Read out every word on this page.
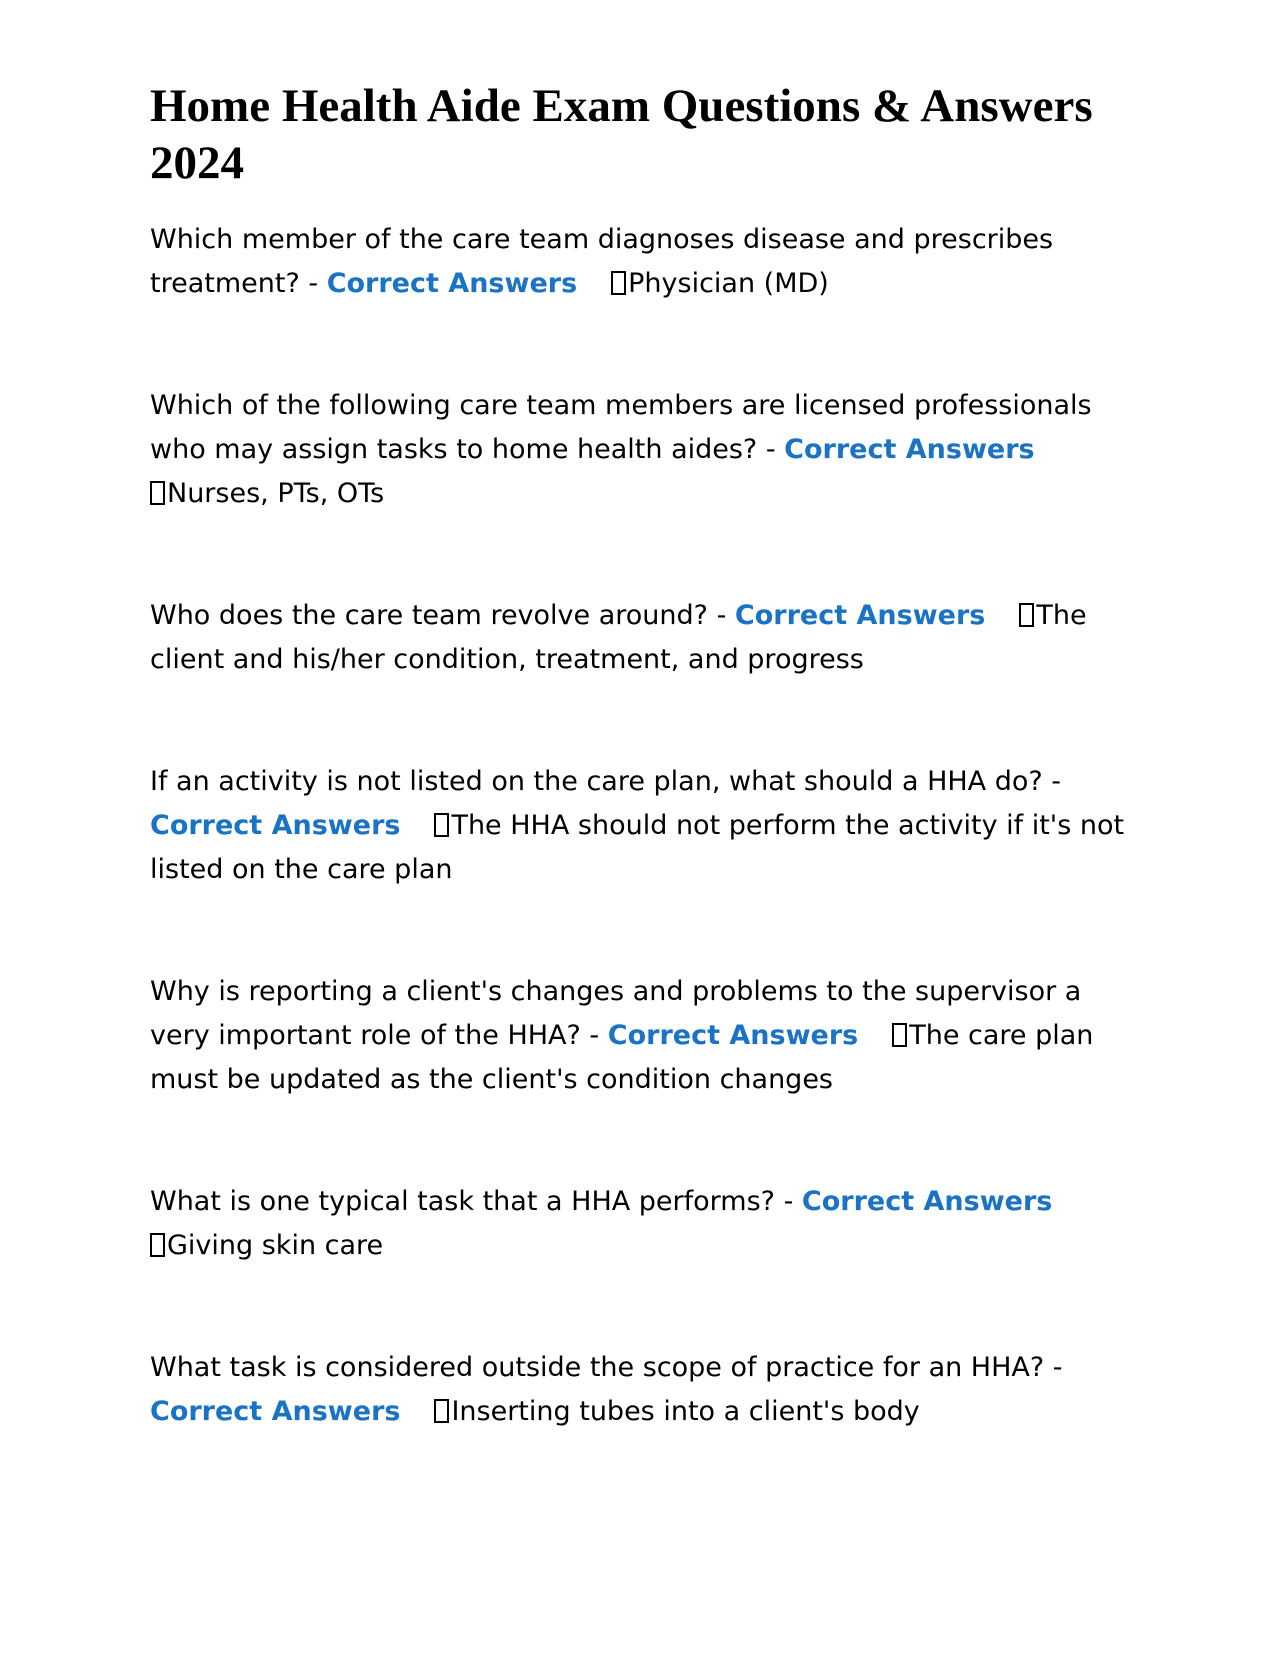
Home Health Aide Exam Questions & Answers 2024
Which member of the care team diagnoses disease and prescribes treatment? - Correct Answers Physician (MD)
Which of the following care team members are licensed professionals who may assign tasks to home health aides? - Correct Answers
Nurses, PTs, OTs
Who does the care team revolve around? - Correct Answers The client and his/her condition, treatment, and progress
If an activity is not listed on the care plan, what should a HHA do? - Correct Answers The HHA should not perform the activity if it's not listed on the care plan
Why is reporting a client's changes and problems to the supervisor a very important role of the HHA? - Correct Answers The care plan must be updated as the client's condition changes
What is one typical task that a HHA performs? - Correct Answers
Giving skin care
What task is considered outside the scope of practice for an HHA? - Correct Answers Inserting tubes into a client's body
